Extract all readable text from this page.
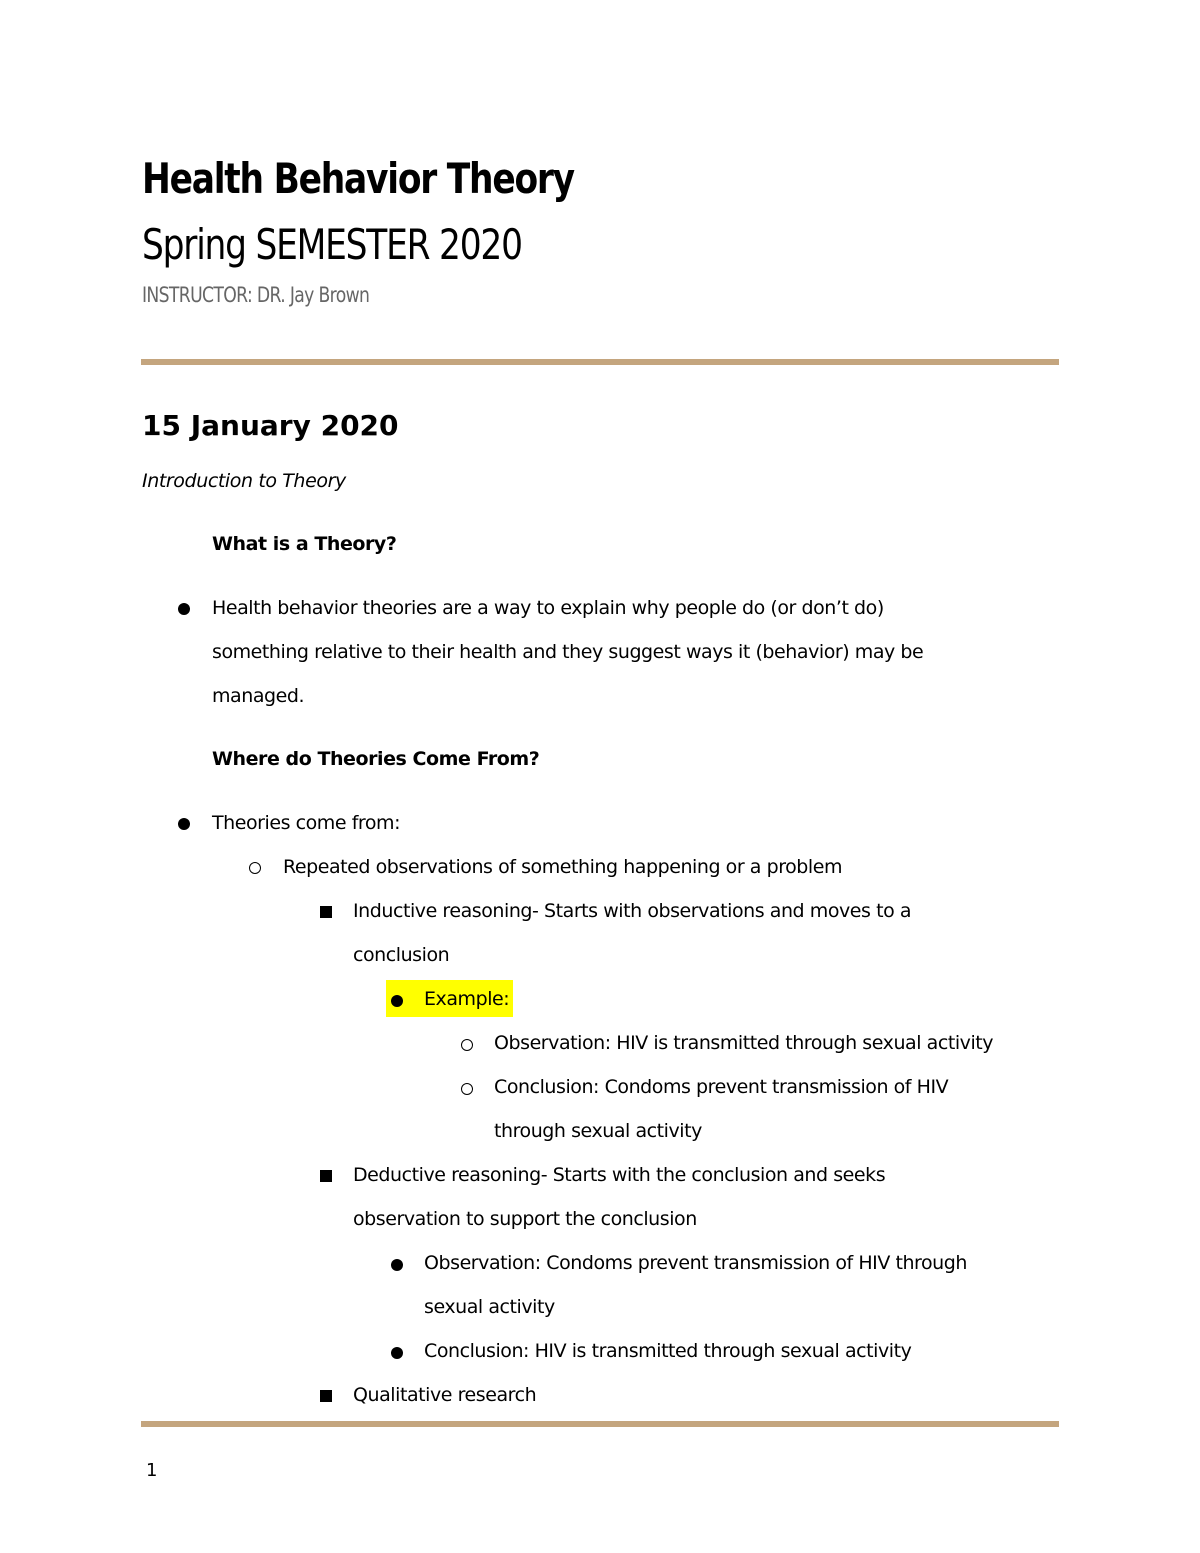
Health Behavior Theory
Spring SEMESTER 2020

INSTRUCTOR: DR. Jay Brown

15 January 2020

Introduction to Theory

What is a Theory?

Health behavior theories are a way to explain why people do (or don’t do)

something relative to their health and they suggest ways it (behavior) may be

managed.

Where do Theories Come From?

Theories come from:

Repeated observations of something happening or a problem

Inductive reasoning- Starts with observations and moves to a

conclusion

Example:

Observation: HIV is transmitted through sexual activity

Conclusion: Condoms prevent transmission of HIV

through sexual activity

Deductive reasoning- Starts with the conclusion and seeks

observation to support the conclusion

Observation: Condoms prevent transmission of HIV through

sexual activity

Conclusion: HIV is transmitted through sexual activity

Qualitative research

1
